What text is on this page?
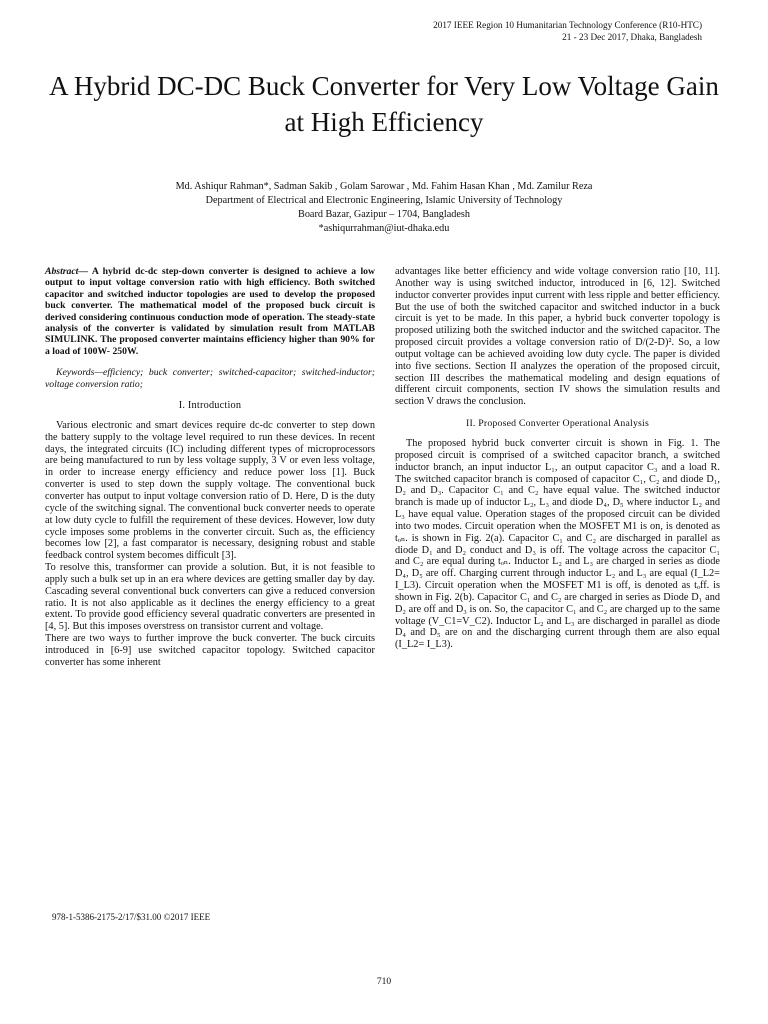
2017 IEEE Region 10 Humanitarian Technology Conference (R10-HTC)
21 - 23 Dec 2017, Dhaka, Bangladesh
A Hybrid DC-DC Buck Converter for Very Low Voltage Gain at High Efficiency
Md. Ashiqur Rahman*, Sadman Sakib , Golam Sarowar , Md. Fahim Hasan Khan , Md. Zamilur Reza
Department of Electrical and Electronic Engineering, Islamic University of Technology
Board Bazar, Gazipur – 1704, Bangladesh
*ashiqurrahman@iut-dhaka.edu

Abstract— A hybrid dc-dc step-down converter is designed to achieve a low output to input voltage conversion ratio with high efficiency. Both switched capacitor and switched inductor topologies are used to develop the proposed buck converter. The mathematical model of the proposed buck circuit is derived considering continuous conduction mode of operation. The steady-state analysis of the converter is validated by simulation result from MATLAB SIMULINK. The proposed converter maintains efficiency higher than 90% for a load of 100W- 250W.

Keywords—efficiency; buck converter; switched-capacitor; switched-inductor; voltage conversion ratio;

I. Introduction

Various electronic and smart devices require dc-dc converter to step down the battery supply to the voltage level required to run these devices. In recent days, the integrated circuits (IC) including different types of microprocessors are being manufactured to run by less voltage supply, 3 V or even less voltage, in order to increase energy efficiency and reduce power loss [1]. Buck converter is used to step down the supply voltage. The conventional buck converter has output to input voltage conversion ratio of D. Here, D is the duty cycle of the switching signal. The conventional buck converter needs to operate at low duty cycle to fulfill the requirement of these devices. However, low duty cycle imposes some problems in the converter circuit. Such as, the efficiency becomes low [2], a fast comparator is necessary, designing robust and stable feedback control system becomes difficult [3].

To resolve this, transformer can provide a solution. But, it is not feasible to apply such a bulk set up in an era where devices are getting smaller day by day. Cascading several conventional buck converters can give a reduced conversion ratio. It is not also applicable as it declines the energy efficiency to a great extent. To provide good efficiency several quadratic converters are presented in [4, 5]. But this imposes overstress on transistor current and voltage.

There are two ways to further improve the buck converter. The buck circuits introduced in [6-9] use switched capacitor topology. Switched capacitor converter has some inherent

advantages like better efficiency and wide voltage conversion ratio [10, 11]. Another way is using switched inductor, introduced in [6, 12]. Switched inductor converter provides input current with less ripple and better efficiency. But the use of both the switched capacitor and switched inductor in a buck circuit is yet to be made. In this paper, a hybrid buck converter topology is proposed utilizing both the switched inductor and the switched capacitor. The proposed circuit provides a voltage conversion ratio of D/(2-D)². So, a low output voltage can be achieved avoiding low duty cycle. The paper is divided into five sections. Section II analyzes the operation of the proposed circuit, section III describes the mathematical modeling and design equations of different circuit components, section IV shows the simulation results and section V draws the conclusion.

II. Proposed Converter Operational Analysis

The proposed hybrid buck converter circuit is shown in Fig. 1. The proposed circuit is comprised of a switched capacitor branch, a switched inductor branch, an input inductor L₁, an output capacitor C₃ and a load R. The switched capacitor branch is composed of capacitor C₁, C₂ and diode D₁, D₂ and D₃. Capacitor C₁ and C₂ have equal value. The switched inductor branch is made up of inductor L₂, L₃ and diode D₄, D₅ where inductor L₂ and L₃ have equal value. Operation stages of the proposed circuit can be divided into two modes. Circuit operation when the MOSFET M1 is on, is denoted as tₒₙ. is shown in Fig. 2(a). Capacitor C₁ and C₂ are discharged in parallel as diode D₁ and D₂ conduct and D₃ is off. The voltage across the capacitor C₁ and C₂ are equal during tₒₙ. Inductor L₂ and L₃ are charged in series as diode D₄, D₅ are off. Charging current through inductor L₂ and L₃ are equal (I_L2= I_L3). Circuit operation when the MOSFET M1 is off, is denoted as tₒff. is shown in Fig. 2(b). Capacitor C₁ and C₂ are charged in series as Diode D₁ and D₂ are off and D₃ is on. So, the capacitor C₁ and C₂ are charged up to the same voltage (V_C1=V_C2). Inductor L₂ and L₃ are discharged in parallel as diode D₄ and D₅ are on and the discharging current through them are also equal (I_L2= I_L3).

978-1-5386-2175-2/17/$31.00 ©2017 IEEE
710
